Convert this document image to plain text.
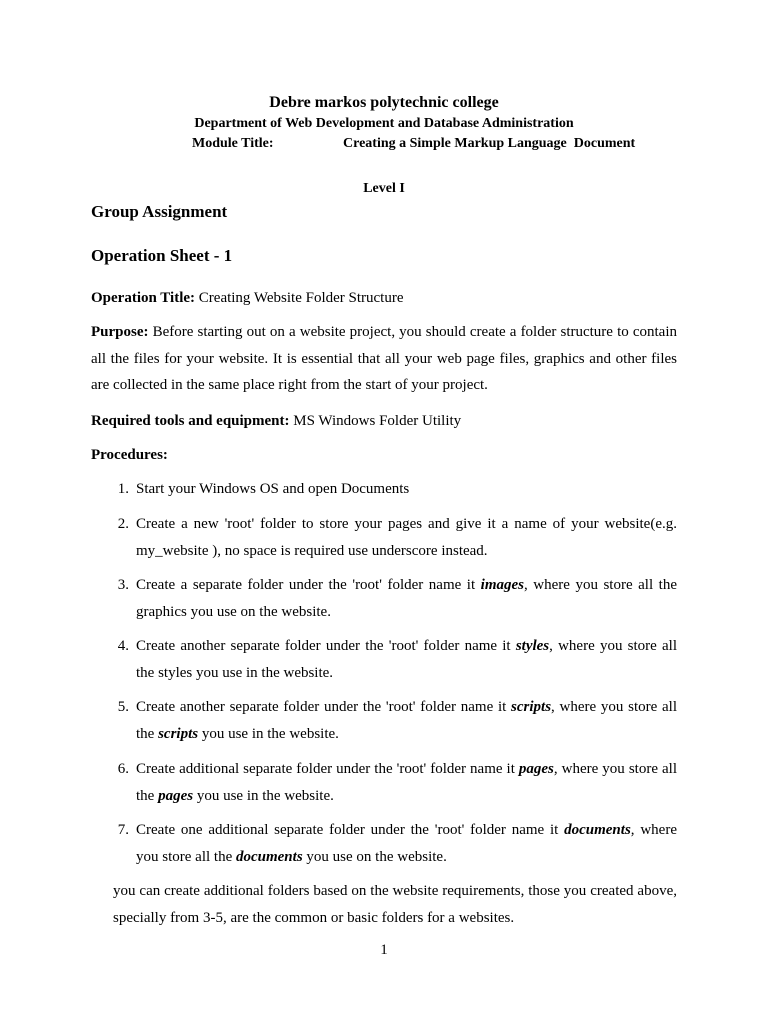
Debre markos polytechnic college
Department of Web Development and Database Administration
Module Title:	Creating a Simple Markup Language  Document
Level I
Group Assignment
Operation Sheet - 1
Operation Title: Creating Website Folder Structure
Purpose: Before starting out on a website project, you should create a folder structure to contain all the files for your website. It is essential that all your web page files, graphics and other files are collected in the same place right from the start of your project.
Required tools and equipment: MS Windows Folder Utility
Procedures:
1. Start your Windows OS and open Documents
2. Create a new 'root' folder to store your pages and give it a name of your website(e.g. my_website ), no space is required use underscore instead.
3. Create a separate folder under the 'root' folder name it images, where you store all the graphics you use on the website.
4. Create another separate folder under the 'root' folder name it styles, where you store all the styles you use in the website.
5. Create another separate folder under the 'root' folder name it scripts, where you store all the scripts you use in the website.
6. Create additional separate folder under the 'root' folder name it pages, where you store all the pages you use in the website.
7. Create one additional separate folder under the 'root' folder name it documents, where you store all the documents you use on the website.
you can create additional folders based on the website requirements, those you created above, specially from 3-5, are the common or basic folders for a websites.
1
